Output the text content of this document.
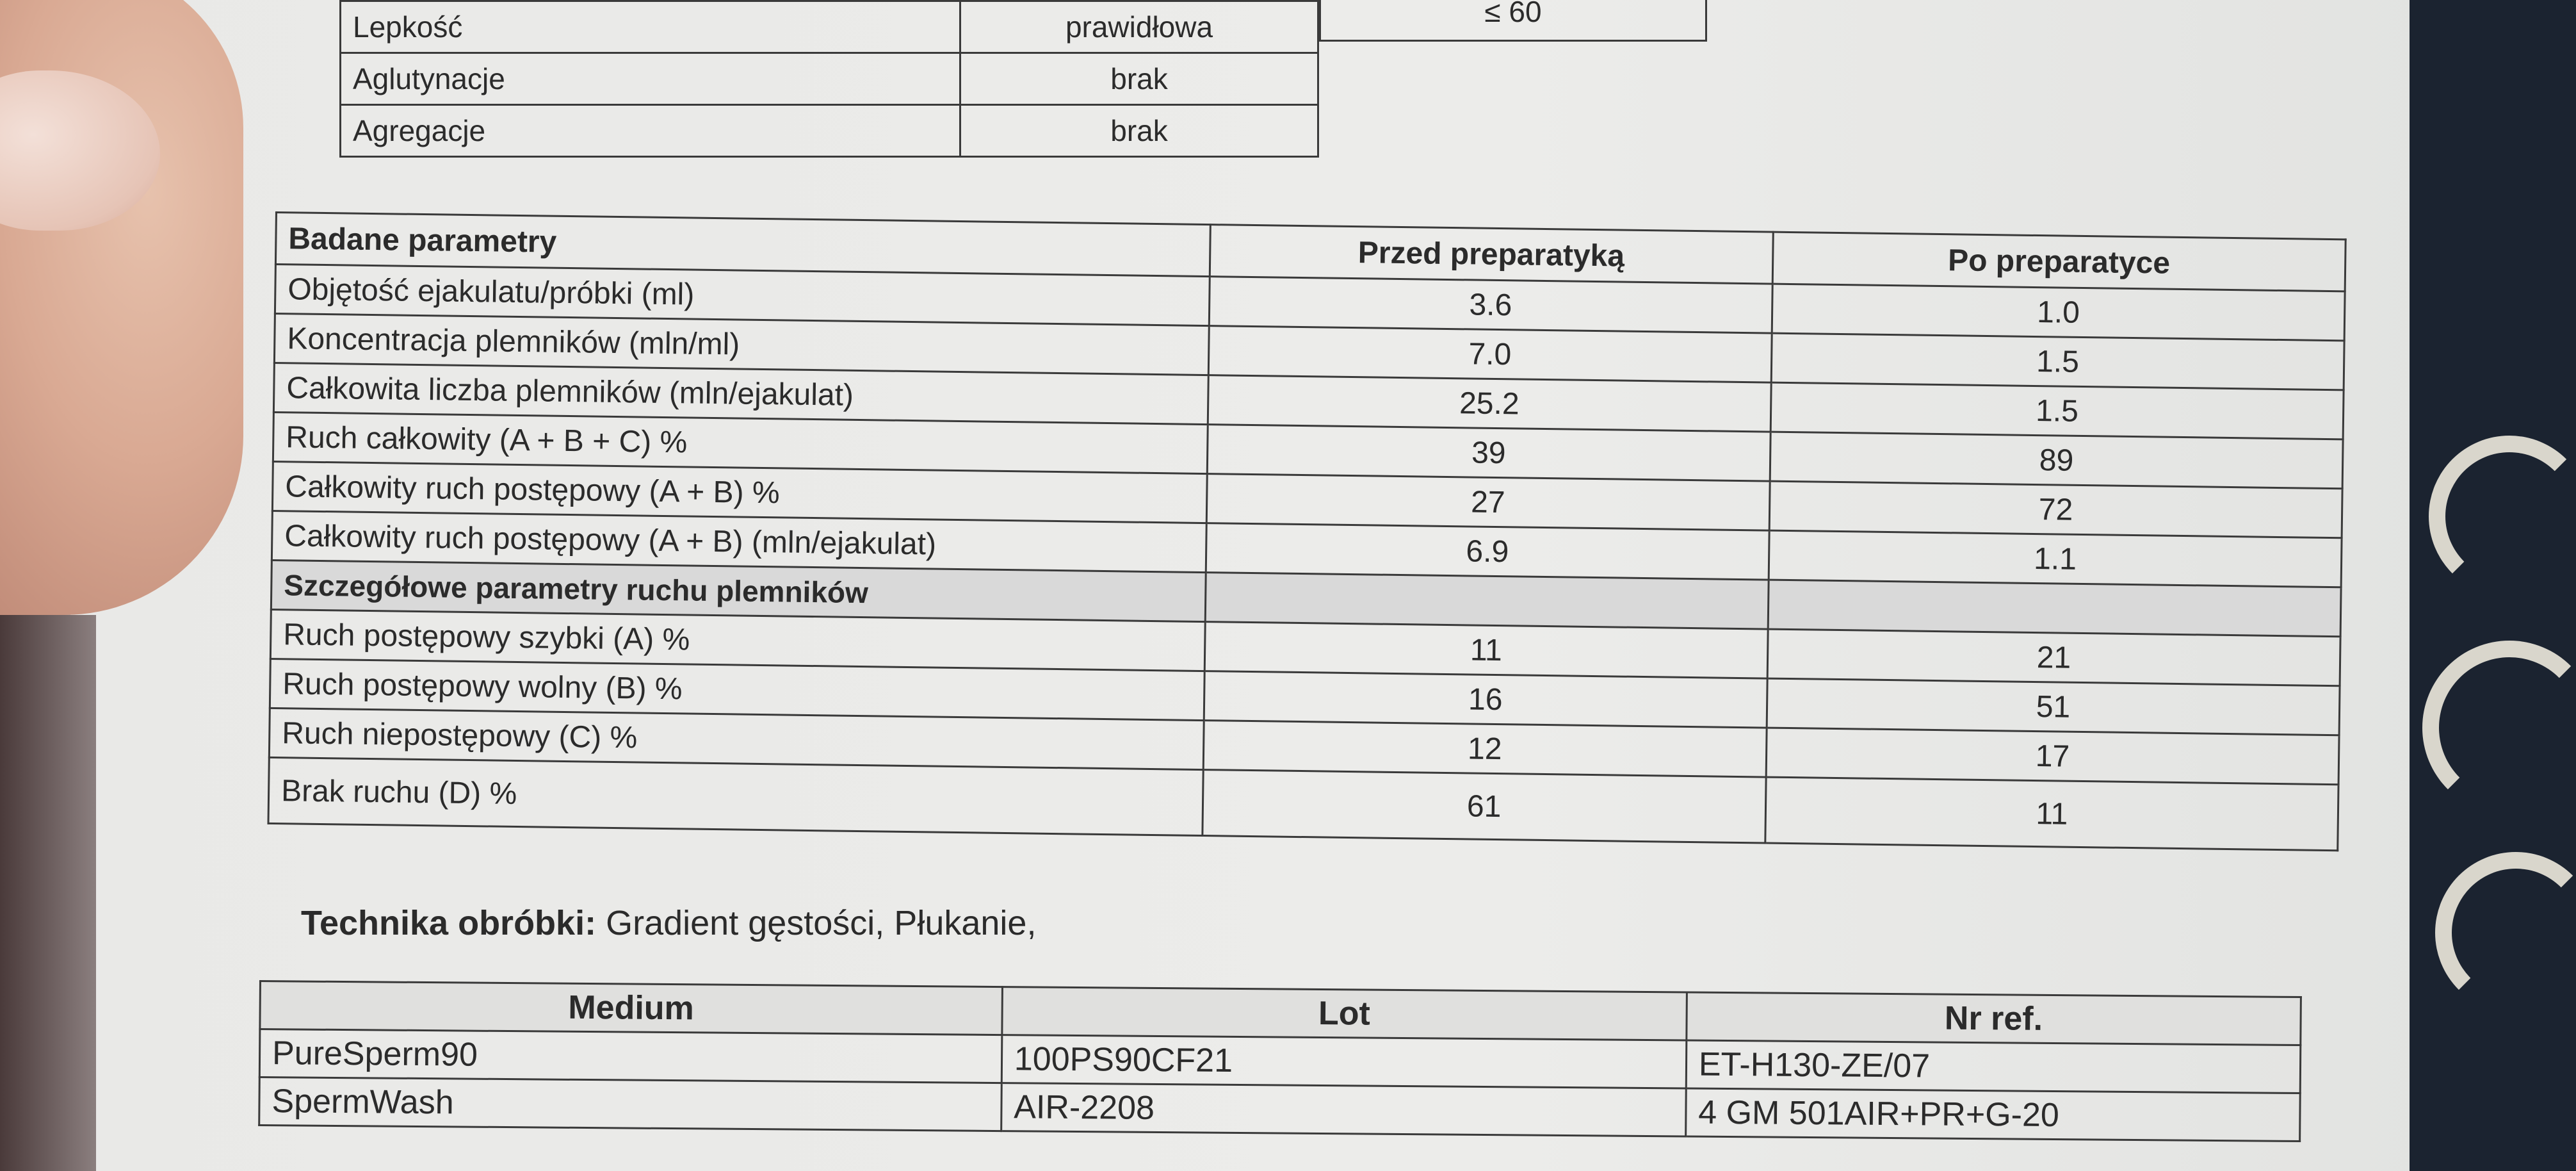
≤ 60
Lepkość	prawidłowa
Aglutynacje	brak
Agregacje	brak
Badane parametry	Przed preparatyką	Po preparatyce
Objętość ejakulatu/próbki (ml)	3.6	1.0
Koncentracja plemników (mln/ml)	7.0	1.5
Całkowita liczba plemników (mln/ejakulat)	25.2	1.5
Ruch całkowity (A + B + C) %	39	89
Całkowity ruch postępowy (A + B) %	27	72
Całkowity ruch postępowy (A + B) (mln/ejakulat)	6.9	1.1
Szczegółowe parametry ruchu plemników		
Ruch postępowy szybki (A) %	11	21
Ruch postępowy wolny (B) %	16	51
Ruch niepostępowy (C) %	12	17
Brak ruchu (D) %	61	11
Technika obróbki: Gradient gęstości, Płukanie,
Medium	Lot	Nr ref.
PureSperm90	100PS90CF21	ET-H130-ZE/07
SpermWash	AIR-2208	4 GM 501AIR+PR+G-20
